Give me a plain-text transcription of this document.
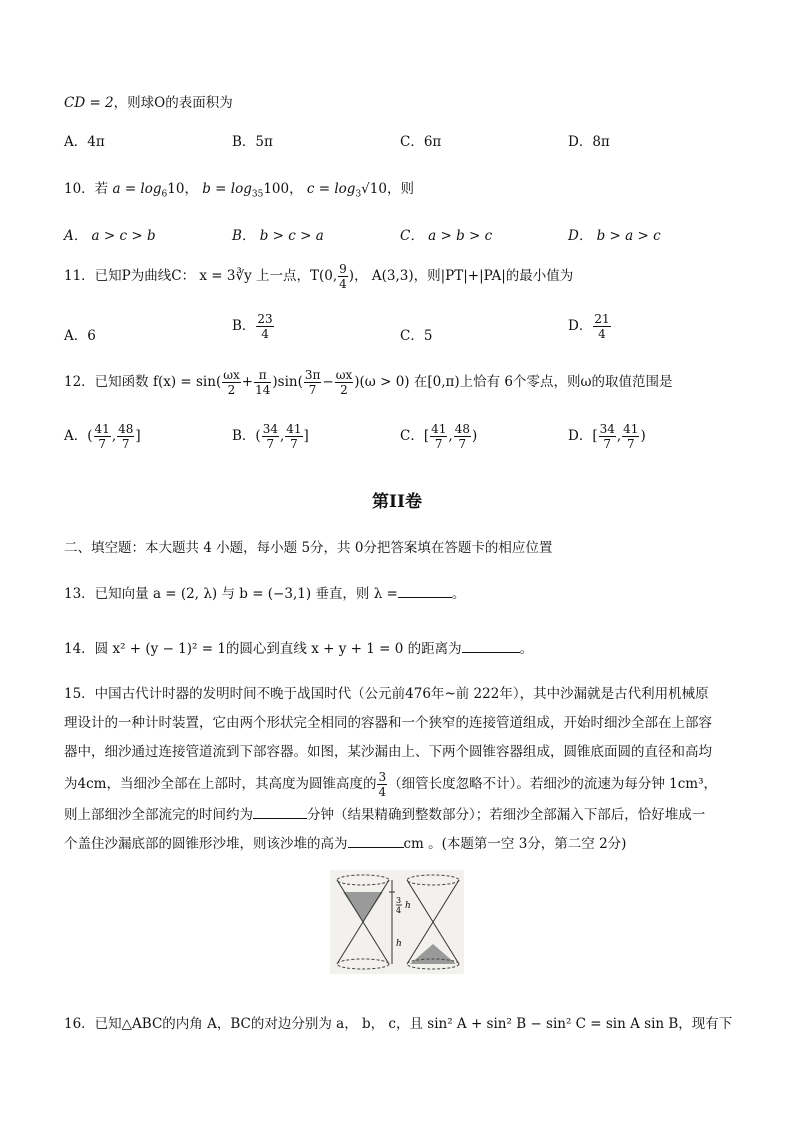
CD = 2，则球O的表面积为
A．4π	B．5π	C．6π	D．8π
10．若 $a = \log_610$， $b = \log_{35}100$， $c = \log_3√10$，则
A． a > c > b	B． b > c > a	C． a > b > c	D． b > a > c
11．已知P为曲线C： x = 3∛y 上一点，T(0, $\frac{9}{4}$ )， A(3,3)，则|PT|+|PA|的最小值为
A．6
B． $\frac{23}{4}$	C．5
D． $\frac{21}{4}$
12．已知函数 $f(x) = \sin( \frac{\omega x}{2} + \frac{\pi}{14} )\sin( \frac{3\pi}{7} - \frac{\omega x}{2} )(\omega > 0)$ 在[0,π)上恰有 6个零点，则ω的取值范围是
A．( $\frac{41}{7}$ , $\frac{48}{7}$ ]	B．( $\frac{34}{7}$ , $\frac{41}{7}$ ]	C．[ $\frac{41}{7}$ , $\frac{48}{7}$ )	D．[ $\frac{34}{7}$ , $\frac{41}{7}$ )
第II卷
二、填空题：本大题共 4 小题，每小题 5分，共 0分把答案填在答题卡的相应位置
13．已知向量 a = (2, λ) 与 b = (−3,1) 垂直，则 λ =	。
14．圆 x² + (y − 1)² = 1的圆心到直线 x + y + 1 = 0 的距离为	。
15．中国古代计时器的发明时间不晚于战国时代（公元前476年~前 222年），其中沙漏就是古代利用机械原
理设计的一种计时装置，它由两个形状完全相同的容器和一个狭窄的连接管道组成，开始时细沙全部在上部容
器中，细沙通过连接管道流到下部容器。如图，某沙漏由上、下两个圆锥容器组成，圆锥底面圆的直径和高均
为4cm，当细沙全部在上部时，其高度为圆锥高度的 $\frac{3}{4}$ （细管长度忽略不计）。若细沙的流速为每分钟 1cm³，
则上部细沙全部流完的时间约为	分钟（结果精确到整数部分）；若细沙全部漏入下部后，恰好堆成一
个盖住沙漏底部的圆锥形沙堆，则该沙堆的高为	cm 。(本题第一空 3分，第二空 2分)
3
4 h
h
16．已知△ABC的内角 A，BC的对边分别为 a， b， c，且 sin² A + sin² B − sin² C = sin A sin B，现有下
